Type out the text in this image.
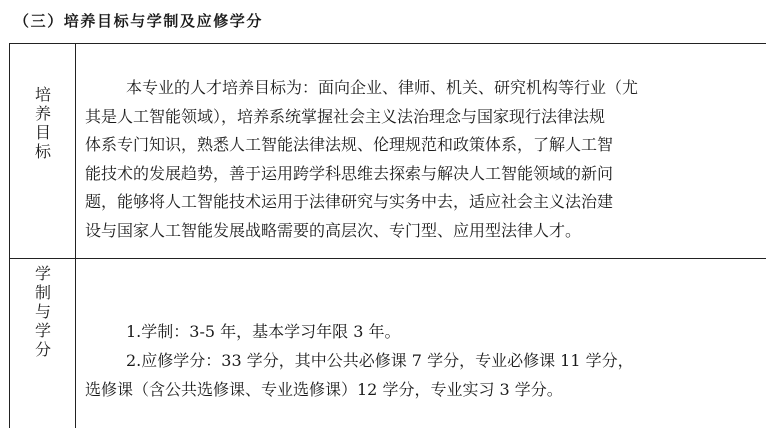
（三）培养目标与学制及应修学分
培
养
目
标
本专业的人才培养目标为：面向企业、律师、机关、研究机构等行业（尤
其是人工智能领域），培养系统掌握社会主义法治理念与国家现行法律法规
体系专门知识，熟悉人工智能法律法规、伦理规范和政策体系，了解人工智
能技术的发展趋势，善于运用跨学科思维去探索与解决人工智能领域的新问
题，能够将人工智能技术运用于法律研究与实务中去，适应社会主义法治建
设与国家人工智能发展战略需要的高层次、专门型、应用型法律人才。
学
制
与
学
分
1.学制：3-5 年，基本学习年限 3 年。
2.应修学分：33 学分，其中公共必修课 7 学分，专业必修课 11 学分，
选修课（含公共选修课、专业选修课）12 学分，专业实习 3 学分。
